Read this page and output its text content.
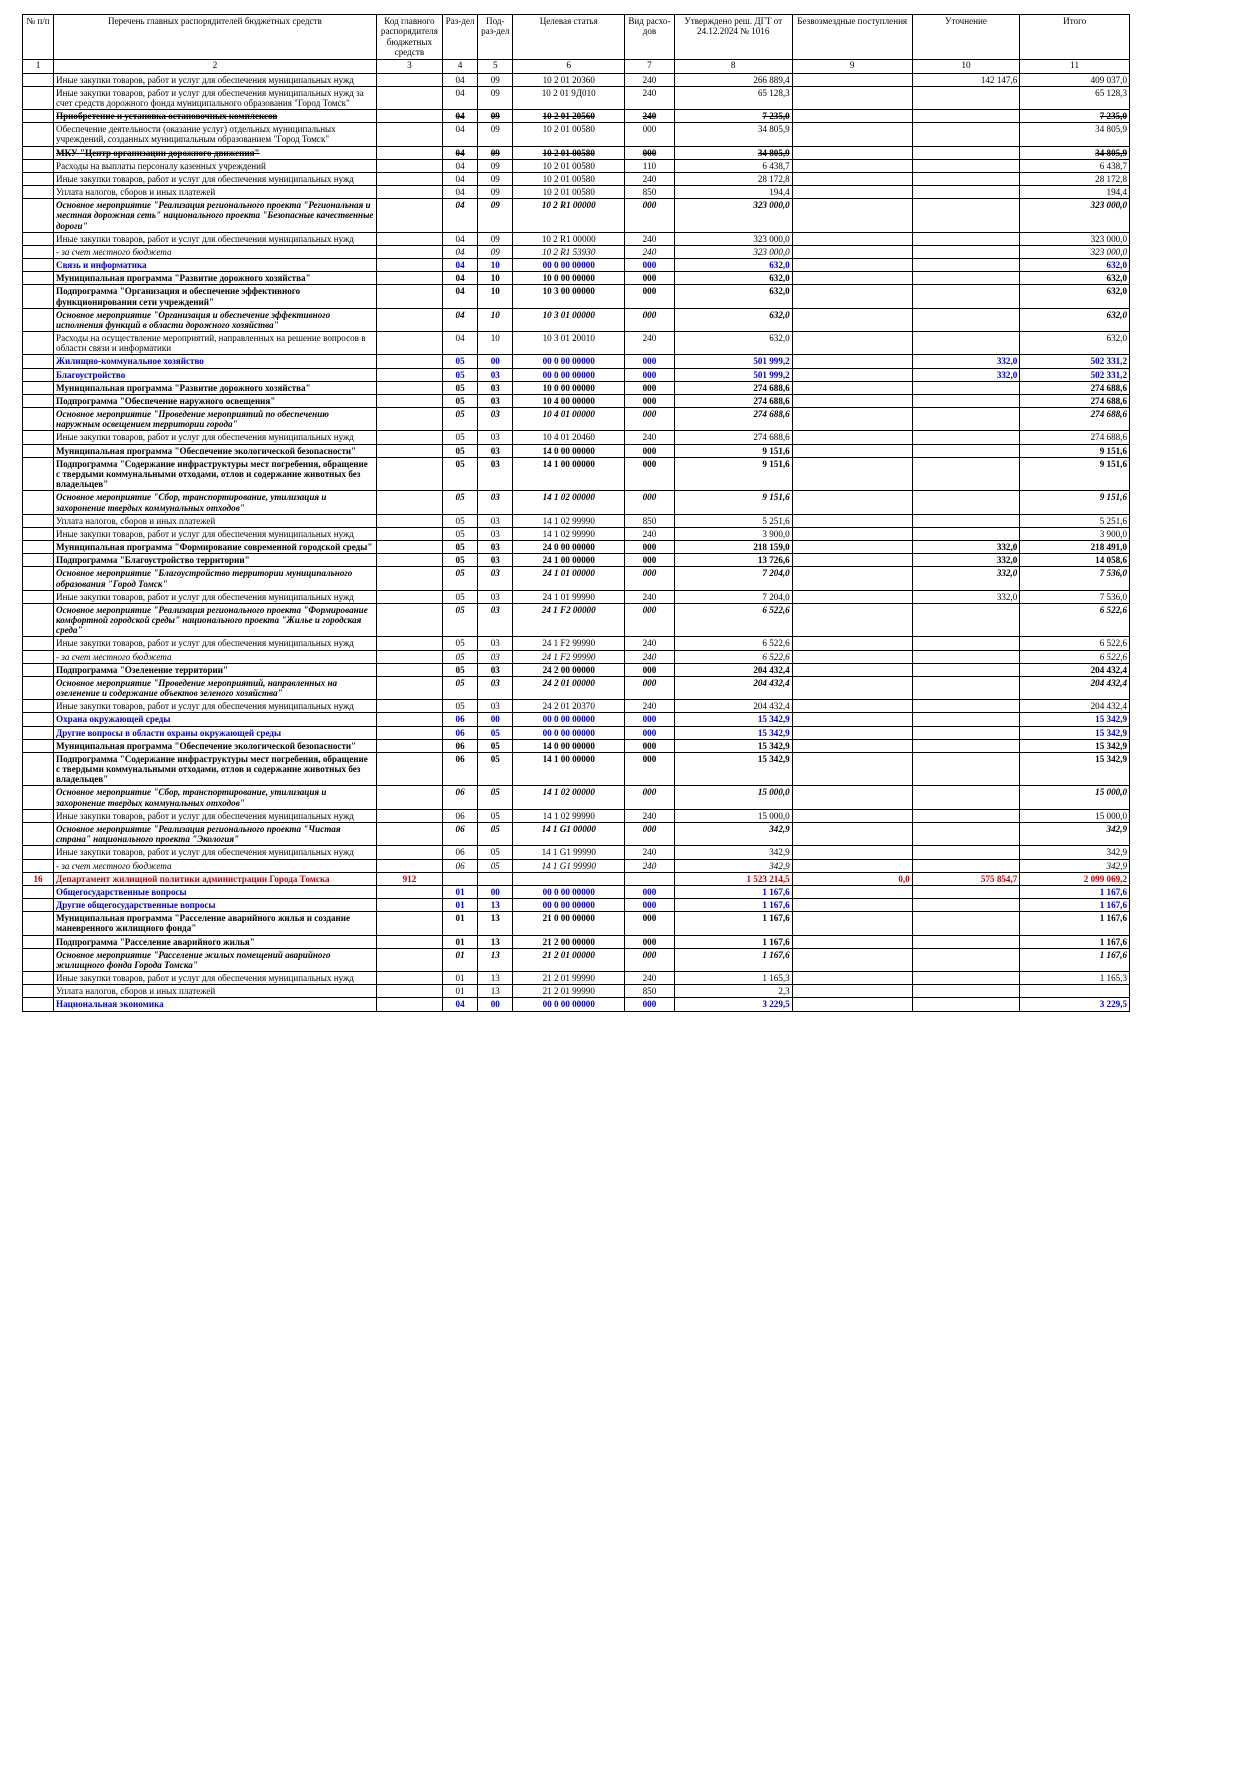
№ п/п	Перечень главных распорядителей бюджетных средств	Код главного распорядителя бюджетных средств	Раз-дел	Под-раз-дел	Целевая статья	Вид расхо-дов	Утверждено реш. ДГТ от 24.12.2024 № 1016	Безвозмездные поступления	Уточнение	Итого
1	2	3	4	5	6	7	8	9	10	11
	Иные закупки товаров, работ и услуг для обеспечения муниципальных нужд		04	09	10 2 01 20360	240	266 889,4		142 147,6	409 037,0
	Иные закупки товаров, работ и услуг для обеспечения муниципальных нужд за счет средств дорожного фонда муниципального образования "Город Томск"		04	09	10 2 01 9Д010	240	65 128,3			65 128,3
	Приобретение и установка остановочных комплексов		04	09	10 2 01 20560	240	7 235,0			7 235,0
	Обеспечение деятельности (оказание услуг) отдельных муниципальных учреждений, созданных муниципальным образованием "Город Томск"		04	09	10 2 01 00580	000	34 805,9			34 805,9
	МКУ "Центр организации дорожного движения"		04	09	10 2 01 00580	000	34 805,9			34 805,9
	Расходы на выплаты персоналу казенных учреждений		04	09	10 2 01 00580	110	6 438,7			6 438,7
	Иные закупки товаров, работ и услуг для обеспечения муниципальных нужд		04	09	10 2 01 00580	240	28 172,8			28 172,8
	Уплата налогов, сборов и иных платежей		04	09	10 2 01 00580	850	194,4			194,4
	Основное мероприятие "Реализация регионального проекта "Региональная и местная дорожная сеть" национального проекта "Безопасные качественные дороги"		04	09	10 2 R1 00000	000	323 000,0			323 000,0
	Иные закупки товаров, работ и услуг для обеспечения муниципальных нужд		04	09	10 2 R1 00000	240	323 000,0			323 000,0
	- за счет местного бюджета		04	09	10 2 R1 53930	240	323 000,0			323 000,0
	Связь и информатика		04	10	00 0 00 00000	000	632,0			632,0
	Муниципальная программа "Развитие дорожного хозяйства"		04	10	10 0 00 00000	000	632,0			632,0
	Подпрограмма "Организация и обеспечение эффективного функционирования сети учреждений"		04	10	10 3 00 00000	000	632,0			632,0
	Основное мероприятие "Организация и обеспечение эффективного исполнения функций в области дорожного хозяйства"		04	10	10 3 01 00000	000	632,0			632,0
	Расходы на осуществление мероприятий, направленных на решение вопросов в области связи и информатики		04	10	10 3 01 20010	240	632,0			632,0
	Жилищно-коммунальное хозяйство		05	00	00 0 00 00000	000	501 999,2		332,0	502 331,2
	Благоустройство		05	03	00 0 00 00000	000	501 999,2		332,0	502 331,2
	Муниципальная программа "Развитие дорожного хозяйства"		05	03	10 0 00 00000	000	274 688,6			274 688,6
	Подпрограмма "Обеспечение наружного освещения"		05	03	10 4 00 00000	000	274 688,6			274 688,6
	Основное мероприятие "Проведение мероприятий по обеспечению наружным освещением территории города"		05	03	10 4 01 00000	000	274 688,6			274 688,6
	Иные закупки товаров, работ и услуг для обеспечения муниципальных нужд		05	03	10 4 01 20460	240	274 688,6			274 688,6
	Муниципальная программа "Обеспечение экологической безопасности"		05	03	14 0 00 00000	000	9 151,6			9 151,6
	Подпрограмма "Содержание инфраструктуры мест погребения, обращение с твердыми коммунальными отходами, отлов и содержание животных без владельцев"		05	03	14 1 00 00000	000	9 151,6			9 151,6
	Основное мероприятие "Сбор, транспортирование, утилизация и захоронение твердых коммунальных отходов"		05	03	14 1 02 00000	000	9 151,6			9 151,6
	Уплата налогов, сборов и иных платежей		05	03	14 1 02 99990	850	5 251,6			5 251,6
	Иные закупки товаров, работ и услуг для обеспечения муниципальных нужд		05	03	14 1 02 99990	240	3 900,0			3 900,0
	Муниципальная программа "Формирование современной городской среды"		05	03	24 0 00 00000	000	218 159,0		332,0	218 491,0
	Подпрограмма "Благоустройство территории"		05	03	24 1 00 00000	000	13 726,6		332,0	14 058,6
	Основное мероприятие "Благоустройство территории муниципального образования "Город Томск"		05	03	24 1 01 00000	000	7 204,0		332,0	7 536,0
	Иные закупки товаров, работ и услуг для обеспечения муниципальных нужд		05	03	24 1 01 99990	240	7 204,0		332,0	7 536,0
	Основное мероприятие "Реализация регионального проекта "Формирование комфортной городской среды" национального проекта "Жилье и городская среда"		05	03	24 1 F2 00000	000	6 522,6			6 522,6
	Иные закупки товаров, работ и услуг для обеспечения муниципальных нужд		05	03	24 1 F2 99990	240	6 522,6			6 522,6
	- за счет местного бюджета		05	03	24 1 F2 99990	240	6 522,6			6 522,6
	Подпрограмма "Озеленение территории"		05	03	24 2 00 00000	000	204 432,4			204 432,4
	Основное мероприятие "Проведение мероприятий, направленных на озеленение и содержание объектов зеленого хозяйства"		05	03	24 2 01 00000	000	204 432,4			204 432,4
	Иные закупки товаров, работ и услуг для обеспечения муниципальных нужд		05	03	24 2 01 20370	240	204 432,4			204 432,4
	Охрана окружающей среды		06	00	00 0 00 00000	000	15 342,9			15 342,9
	Другие вопросы в области охраны окружающей среды		06	05	00 0 00 00000	000	15 342,9			15 342,9
	Муниципальная программа "Обеспечение экологической безопасности"		06	05	14 0 00 00000	000	15 342,9			15 342,9
	Подпрограмма "Содержание инфраструктуры мест погребения, обращение с твердыми коммунальными отходами, отлов и содержание животных без владельцев"		06	05	14 1 00 00000	000	15 342,9			15 342,9
	Основное мероприятие "Сбор, транспортирование, утилизация и захоронение твердых коммунальных отходов"		06	05	14 1 02 00000	000	15 000,0			15 000,0
	Иные закупки товаров, работ и услуг для обеспечения муниципальных нужд		06	05	14 1 02 99990	240	15 000,0			15 000,0
	Основное мероприятие "Реализация регионального проекта "Чистая страна" национального проекта "Экология"		06	05	14 1 G1 00000	000	342,9			342,9
	Иные закупки товаров, работ и услуг для обеспечения муниципальных нужд		06	05	14 1 G1 99990	240	342,9			342,9
	- за счет местного бюджета		06	05	14 1 G1 99990	240	342,9			342,9
16	Департамент жилищной политики администрации Города Томска	912					1 523 214,5	0,0	575 854,7	2 099 069,2
	Общегосударственные вопросы		01	00	00 0 00 00000	000	1 167,6			1 167,6
	Другие общегосударственные вопросы		01	13	00 0 00 00000	000	1 167,6			1 167,6
	Муниципальная программа "Расселение аварийного жилья и создание маневренного жилищного фонда"		01	13	21 0 00 00000	000	1 167,6			1 167,6
	Подпрограмма "Расселение аварийного жилья"		01	13	21 2 00 00000	000	1 167,6			1 167,6
	Основное мероприятие "Расселение жилых помещений аварийного жилищного фонда Города Томска"		01	13	21 2 01 00000	000	1 167,6			1 167,6
	Иные закупки товаров, работ и услуг для обеспечения муниципальных нужд		01	13	21 2 01 99990	240	1 165,3			1 165,3
	Уплата налогов, сборов и иных платежей		01	13	21 2 01 99990	850	2,3			
	Национальная экономика		04	00	00 0 00 00000	000	3 229,5			3 229,5
